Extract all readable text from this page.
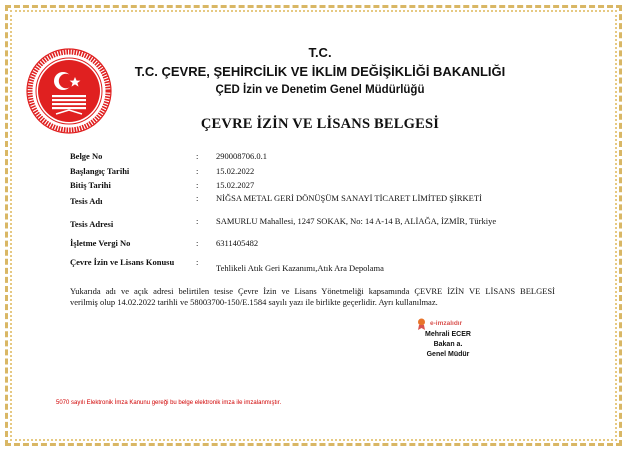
T.C.
T.C. ÇEVRE, ŞEHİRCİLİK VE İKLİM DEĞİŞİKLİĞİ BAKANLIĞI
ÇED İzin ve Denetim Genel Müdürlüğü
ÇEVRE İZİN VE LİSANS BELGESİ
Belge No	: 290008706.0.1
Başlangıç Tarihi	: 15.02.2022
Bitiş Tarihi	: 15.02.2027
Tesis Adı	: NİĞSA METAL GERİ DÖNÜŞÜM SANAYİ TİCARET LİMİTED ŞİRKETİ
Tesis Adresi	: SAMURLU Mahallesi, 1247 SOKAK, No: 14 A-14 B, ALİAĞA, İZMİR, Türkiye
İşletme Vergi No	: 6311405482
Çevre İzin ve Lisans Konusu	:
Tehlikeli Atık Geri Kazanımı,Atık Ara Depolama
Yukarıda adı ve açık adresi belirtilen tesise Çevre İzin ve Lisans Yönetmeliği kapsamında ÇEVRE İZİN VE LİSANS BELGESİ
verilmiş olup 14.02.2022 tarihli ve 58003700-150/E.1584 sayılı yazı ile birlikte geçerlidir. Ayrı kullanılmaz.
e-imzalıdır
Mehrali ECER
Bakan a.
Genel Müdür
5070 sayılı Elektronik İmza Kanunu gereği bu belge elektronik imza ile imzalanmıştır.
